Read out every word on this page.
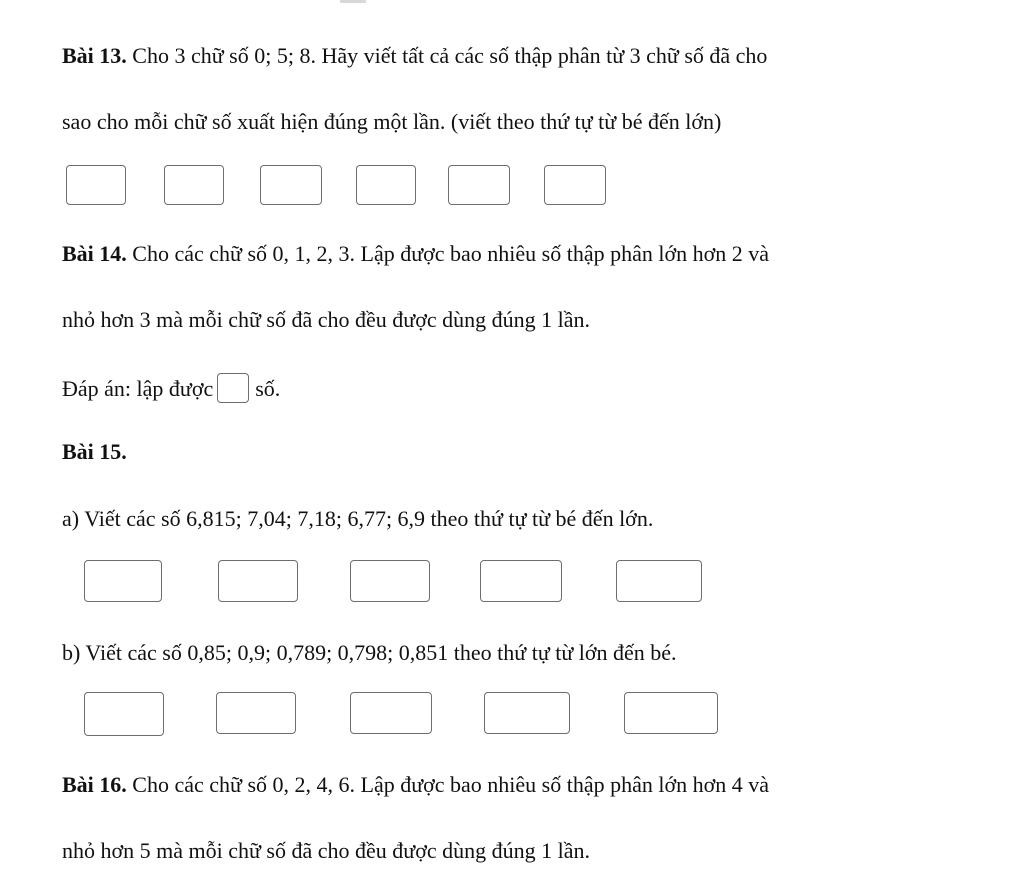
Bài 13. Cho 3 chữ số 0; 5; 8. Hãy viết tất cả các số thập phân từ 3 chữ số đã cho
sao cho mỗi chữ số xuất hiện đúng một lần. (viết theo thứ tự từ bé đến lớn)
Bài 14. Cho các chữ số 0, 1, 2, 3. Lập được bao nhiêu số thập phân lớn hơn 2 và
nhỏ hơn 3 mà mỗi chữ số đã cho đều được dùng đúng 1 lần.
Đáp án: lập được số.
Bài 15.
a) Viết các số 6,815; 7,04; 7,18; 6,77; 6,9 theo thứ tự từ bé đến lớn.
b) Viết các số 0,85; 0,9; 0,789; 0,798; 0,851 theo thứ tự từ lớn đến bé.
Bài 16. Cho các chữ số 0, 2, 4, 6. Lập được bao nhiêu số thập phân lớn hơn 4 và
nhỏ hơn 5 mà mỗi chữ số đã cho đều được dùng đúng 1 lần.
